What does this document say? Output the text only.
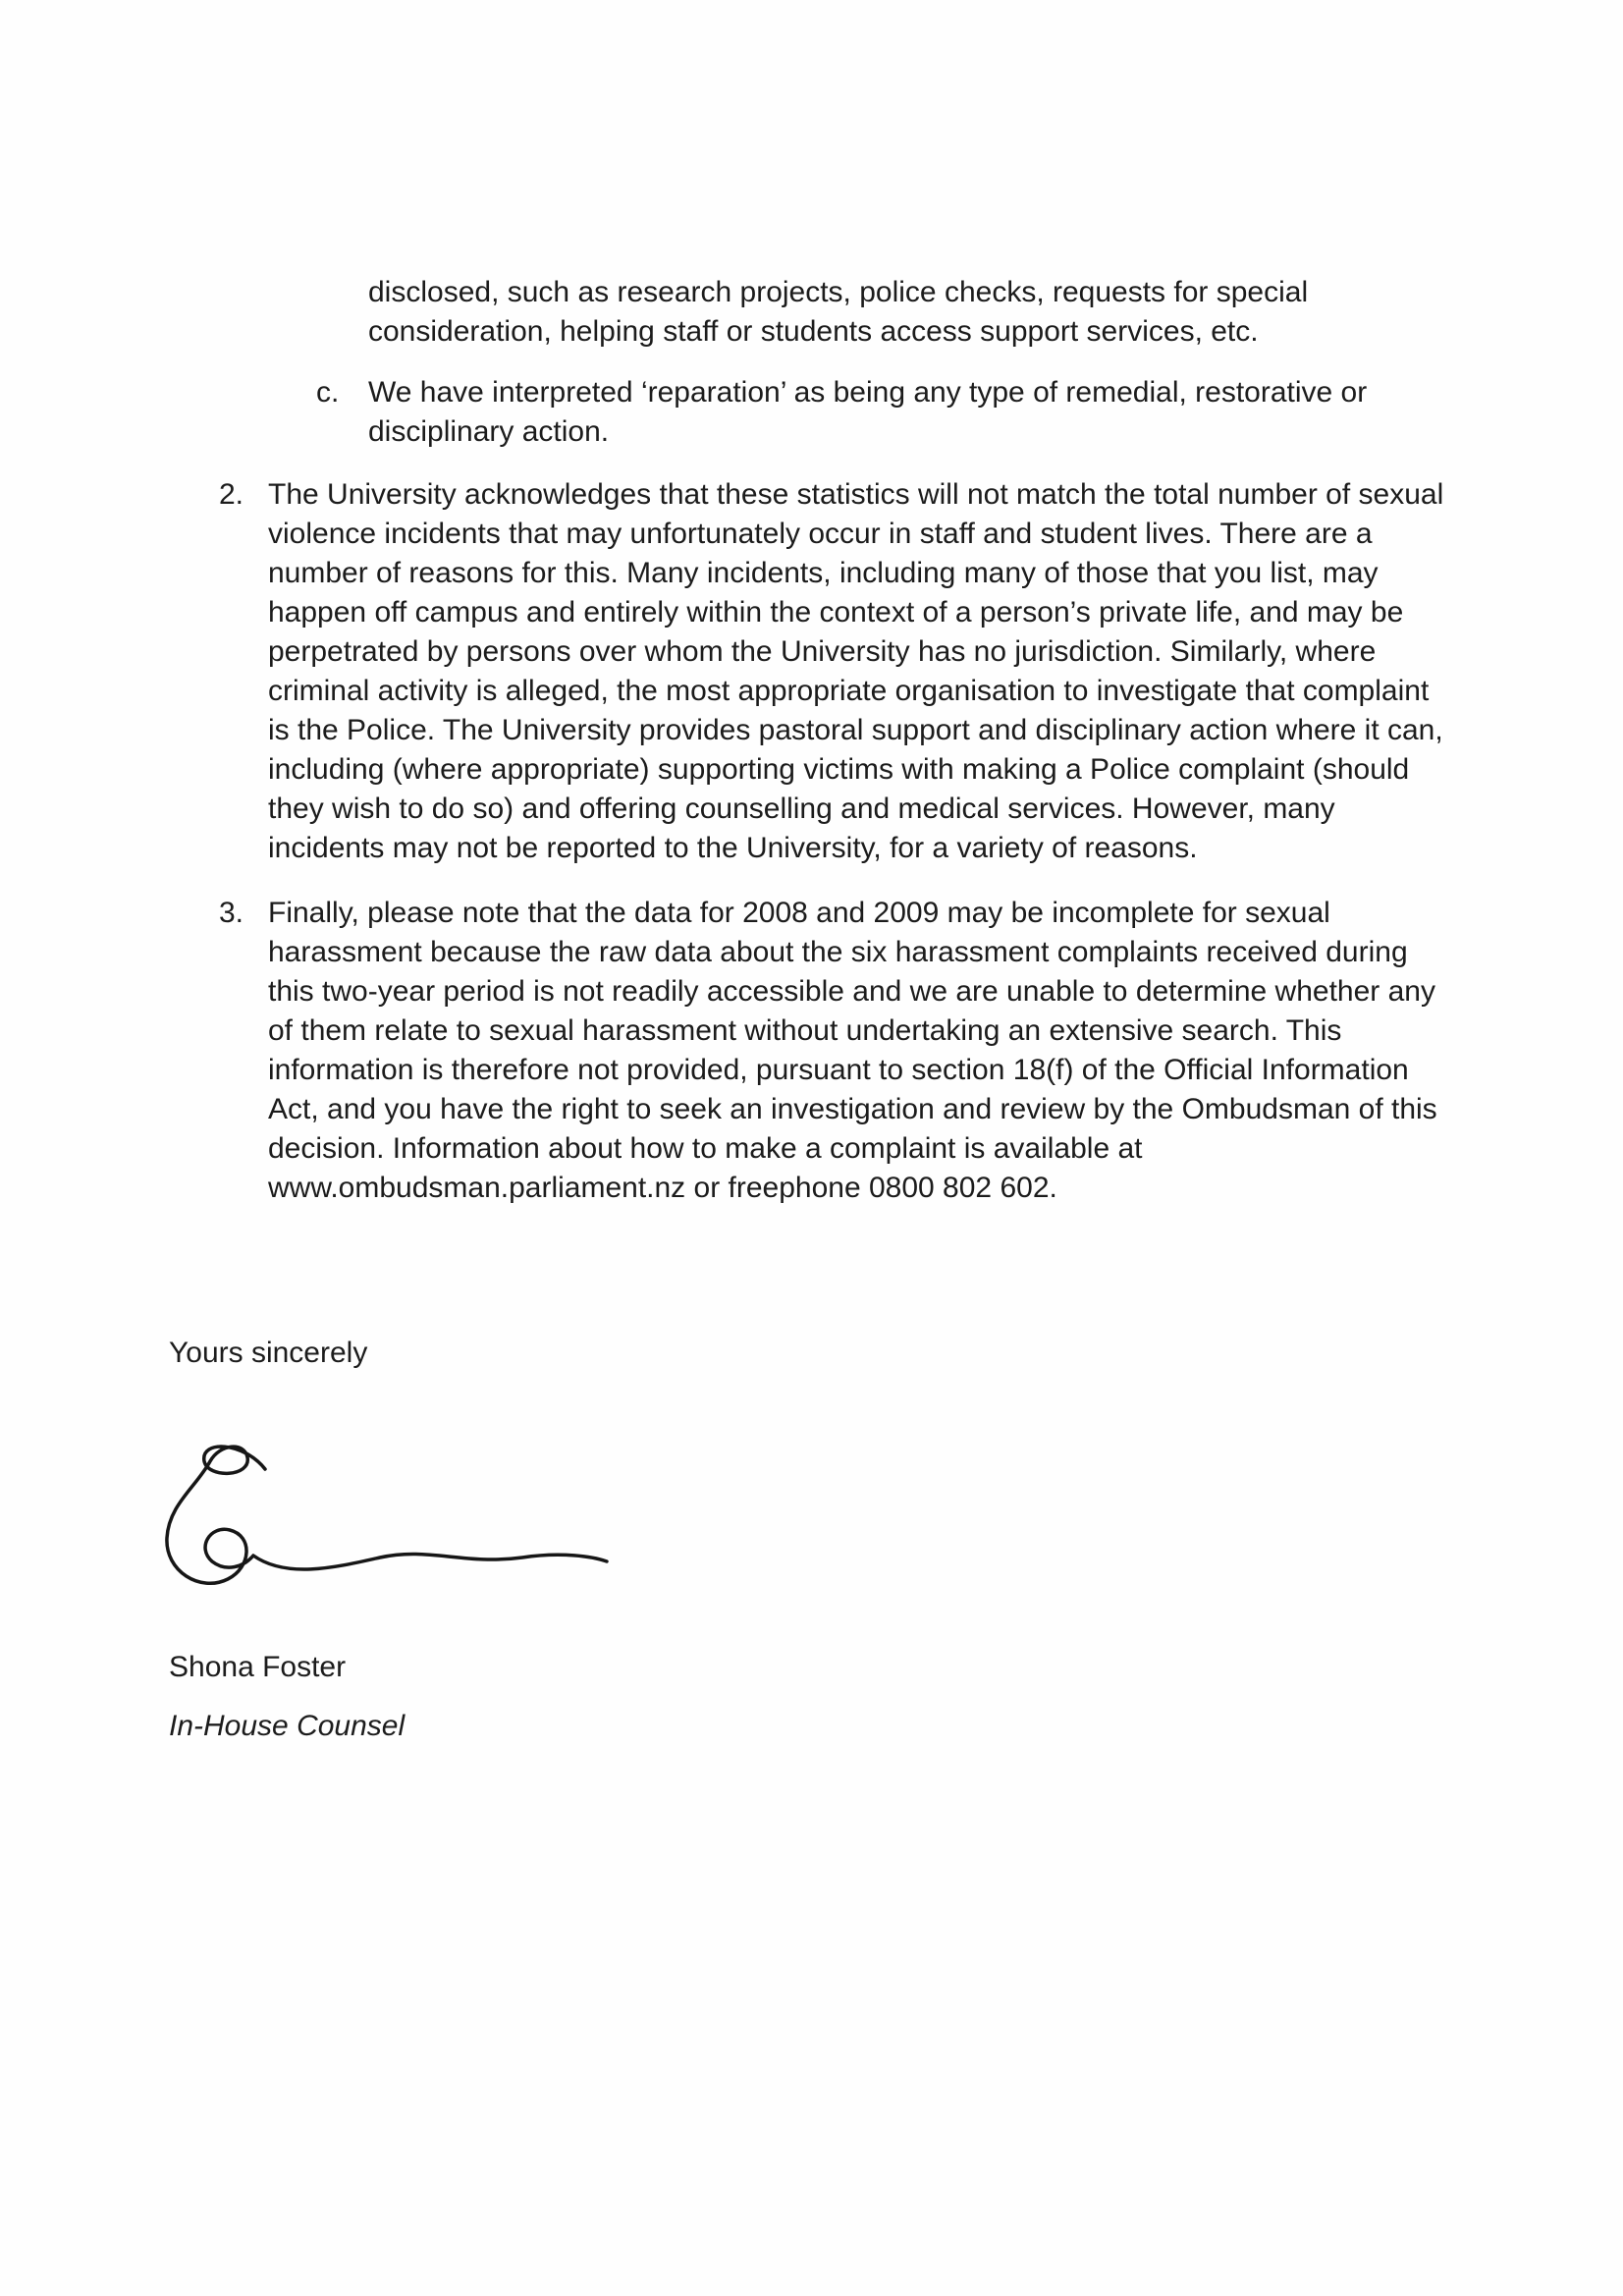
disclosed, such as research projects, police checks, requests for special consideration, helping staff or students access support services, etc.

c. We have interpreted ‘reparation’ as being any type of remedial, restorative or disciplinary action.

2. The University acknowledges that these statistics will not match the total number of sexual violence incidents that may unfortunately occur in staff and student lives. There are a number of reasons for this. Many incidents, including many of those that you list, may happen off campus and entirely within the context of a person’s private life, and may be perpetrated by persons over whom the University has no jurisdiction. Similarly, where criminal activity is alleged, the most appropriate organisation to investigate that complaint is the Police. The University provides pastoral support and disciplinary action where it can, including (where appropriate) supporting victims with making a Police complaint (should they wish to do so) and offering counselling and medical services. However, many incidents may not be reported to the University, for a variety of reasons.

3. Finally, please note that the data for 2008 and 2009 may be incomplete for sexual harassment because the raw data about the six harassment complaints received during this two-year period is not readily accessible and we are unable to determine whether any of them relate to sexual harassment without undertaking an extensive search. This information is therefore not provided, pursuant to section 18(f) of the Official Information Act, and you have the right to seek an investigation and review by the Ombudsman of this decision. Information about how to make a complaint is available at www.ombudsman.parliament.nz or freephone 0800 802 602.

Yours sincerely

Shona Foster

In-House Counsel
